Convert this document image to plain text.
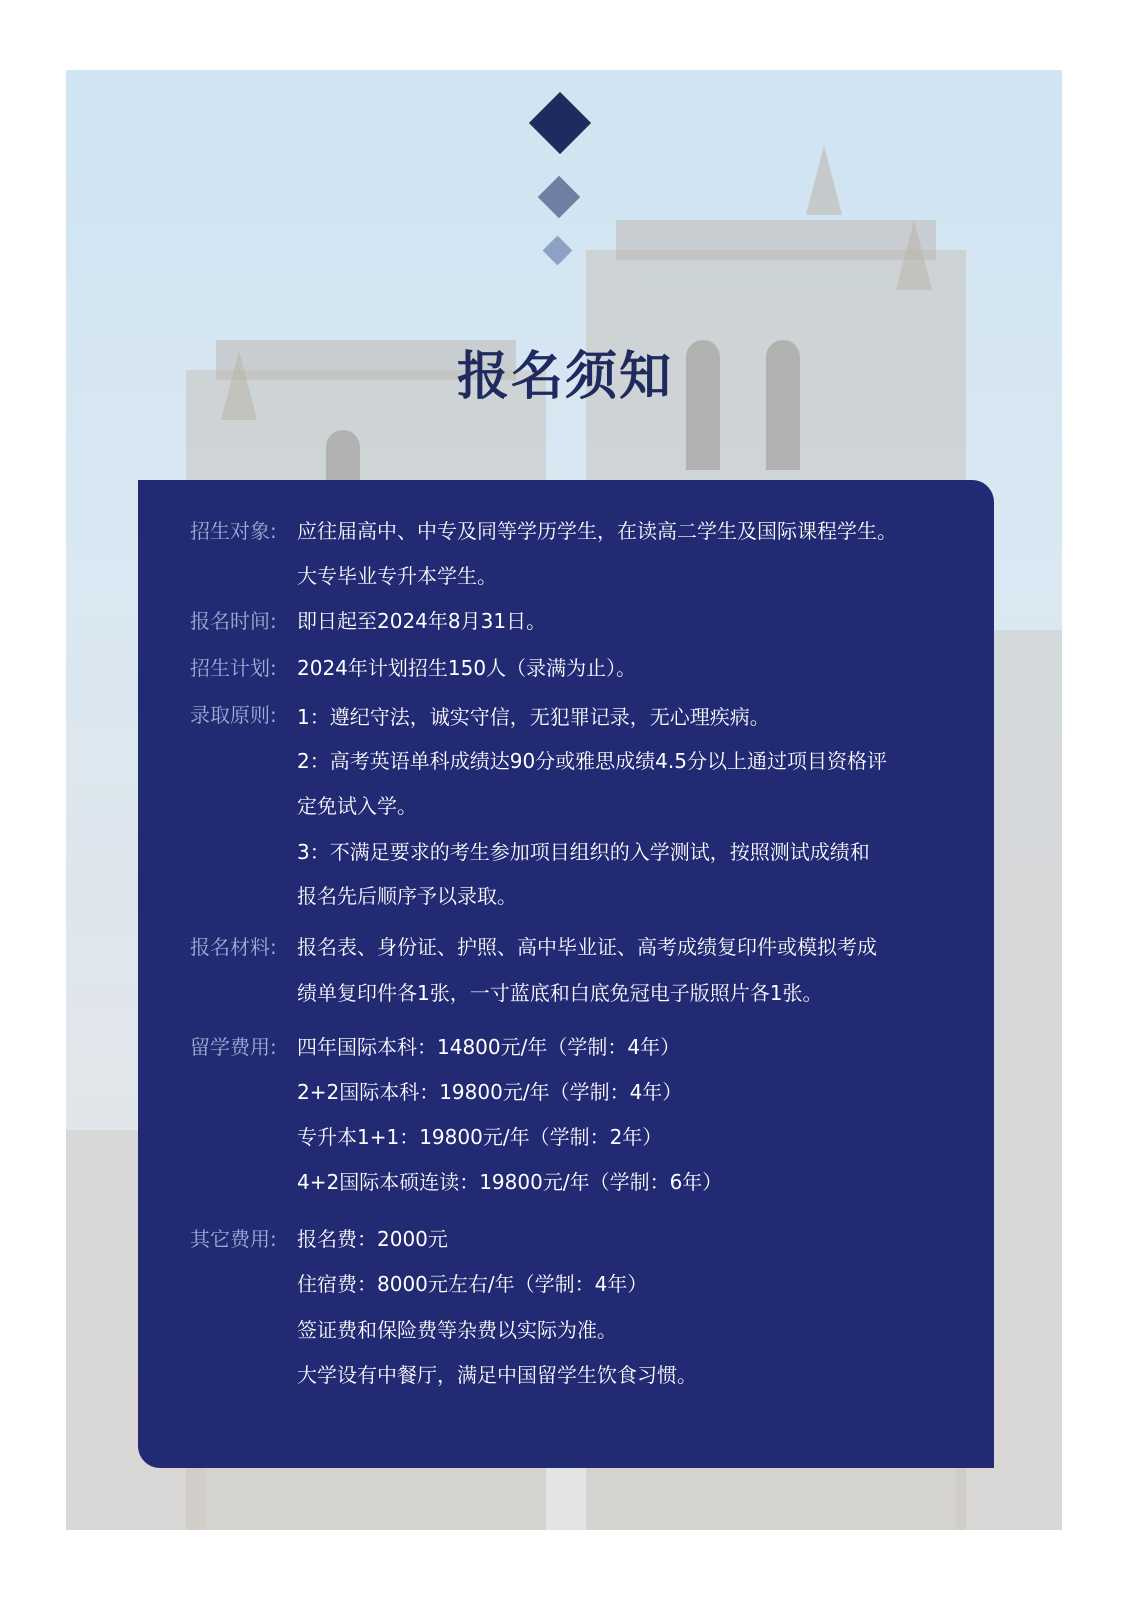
报名须知
招生对象:	应往届高中、中专及同等学历学生，在读高二学生及国际课程学生。
大专毕业专升本学生。
报名时间:	即日起至2024年8月31日。
招生计划:	2024年计划招生150人（录满为止）。
录取原则:	1：遵纪守法，诚实守信，无犯罪记录，无心理疾病。
2：高考英语单科成绩达90分或雅思成绩4.5分以上通过项目资格评
定免试入学。
3：不满足要求的考生参加项目组织的入学测试，按照测试成绩和
报名先后顺序予以录取。
报名材料:	报名表、身份证、护照、高中毕业证、高考成绩复印件或模拟考成
绩单复印件各1张，一寸蓝底和白底免冠电子版照片各1张。
留学费用:	四年国际本科：14800元/年（学制：4年）
2+2国际本科：19800元/年（学制：4年）
专升本1+1：19800元/年（学制：2年）
4+2国际本硕连读：19800元/年（学制：6年）
其它费用:	报名费：2000元
住宿费：8000元左右/年（学制：4年）
签证费和保险费等杂费以实际为准。
大学设有中餐厅，满足中国留学生饮食习惯。
